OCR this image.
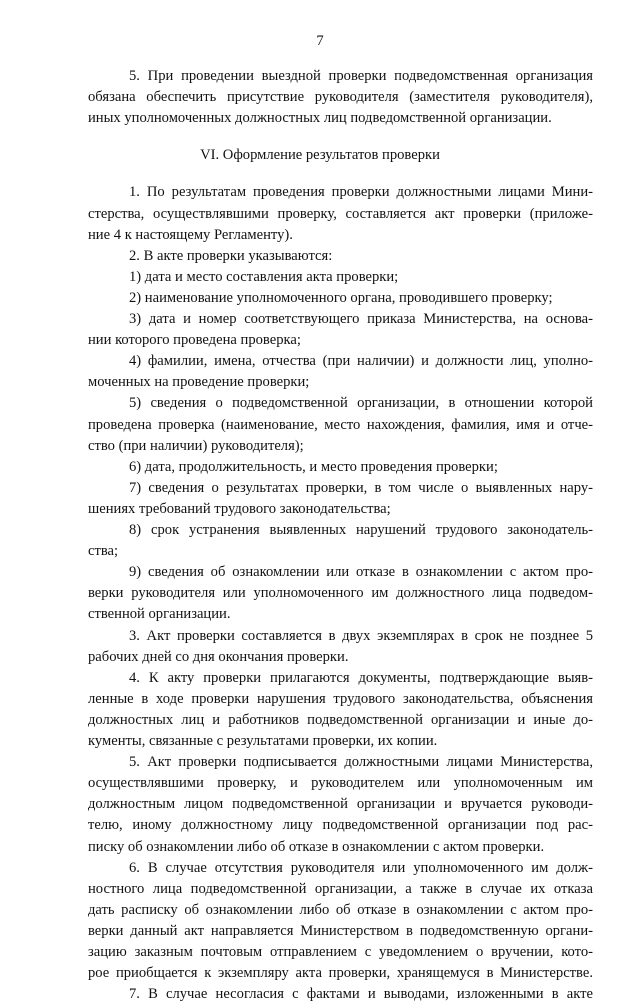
7
5. При проведении выездной проверки подведомственная организация
обязана обеспечить присутствие руководителя (заместителя руководителя),
иных уполномоченных должностных лиц подведомственной организации.
VI. Оформление результатов проверки
1. По результатам проведения проверки должностными лицами Мини-
стерства, осуществлявшими проверку, составляется акт проверки (приложе-
ние 4 к настоящему Регламенту).
2. В акте проверки указываются:
1) дата и место составления акта проверки;
2) наименование уполномоченного органа, проводившего проверку;
3) дата и номер соответствующего приказа Министерства, на основа-
нии которого проведена проверка;
4) фамилии, имена, отчества (при наличии) и должности лиц, уполно-
моченных на проведение проверки;
5) сведения о подведомственной организации, в отношении которой
проведена проверка (наименование, место нахождения, фамилия, имя и отче-
ство (при наличии) руководителя);
6) дата, продолжительность, и место проведения проверки;
7) сведения о результатах проверки, в том числе о выявленных нару-
шениях требований трудового законодательства;
8) срок устранения выявленных нарушений трудового законодатель-
ства;
9) сведения об ознакомлении или отказе в ознакомлении с актом про-
верки руководителя или уполномоченного им должностного лица подведом-
ственной организации.
3. Акт проверки составляется в двух экземплярах в срок не позднее 5
рабочих дней со дня окончания проверки.
4. К акту проверки прилагаются документы, подтверждающие выяв-
ленные в ходе проверки нарушения трудового законодательства, объяснения
должностных лиц и работников подведомственной организации и иные до-
кументы, связанные с результатами проверки, их копии.
5. Акт проверки подписывается должностными лицами Министерства,
осуществлявшими проверку, и руководителем или уполномоченным им
должностным лицом подведомственной организации и вручается руководи-
телю, иному должностному лицу подведомственной организации под рас-
писку об ознакомлении либо об отказе в ознакомлении с актом проверки.
6. В случае отсутствия руководителя или уполномоченного им долж-
ностного лица подведомственной организации, а также в случае их отказа
дать расписку об ознакомлении либо об отказе в ознакомлении с актом про-
верки данный акт направляется Министерством в подведомственную органи-
зацию заказным почтовым отправлением с уведомлением о вручении, кото-
рое приобщается к экземпляру акта проверки, хранящемуся в Министерстве.
7. В случае несогласия с фактами и выводами, изложенными в акте
